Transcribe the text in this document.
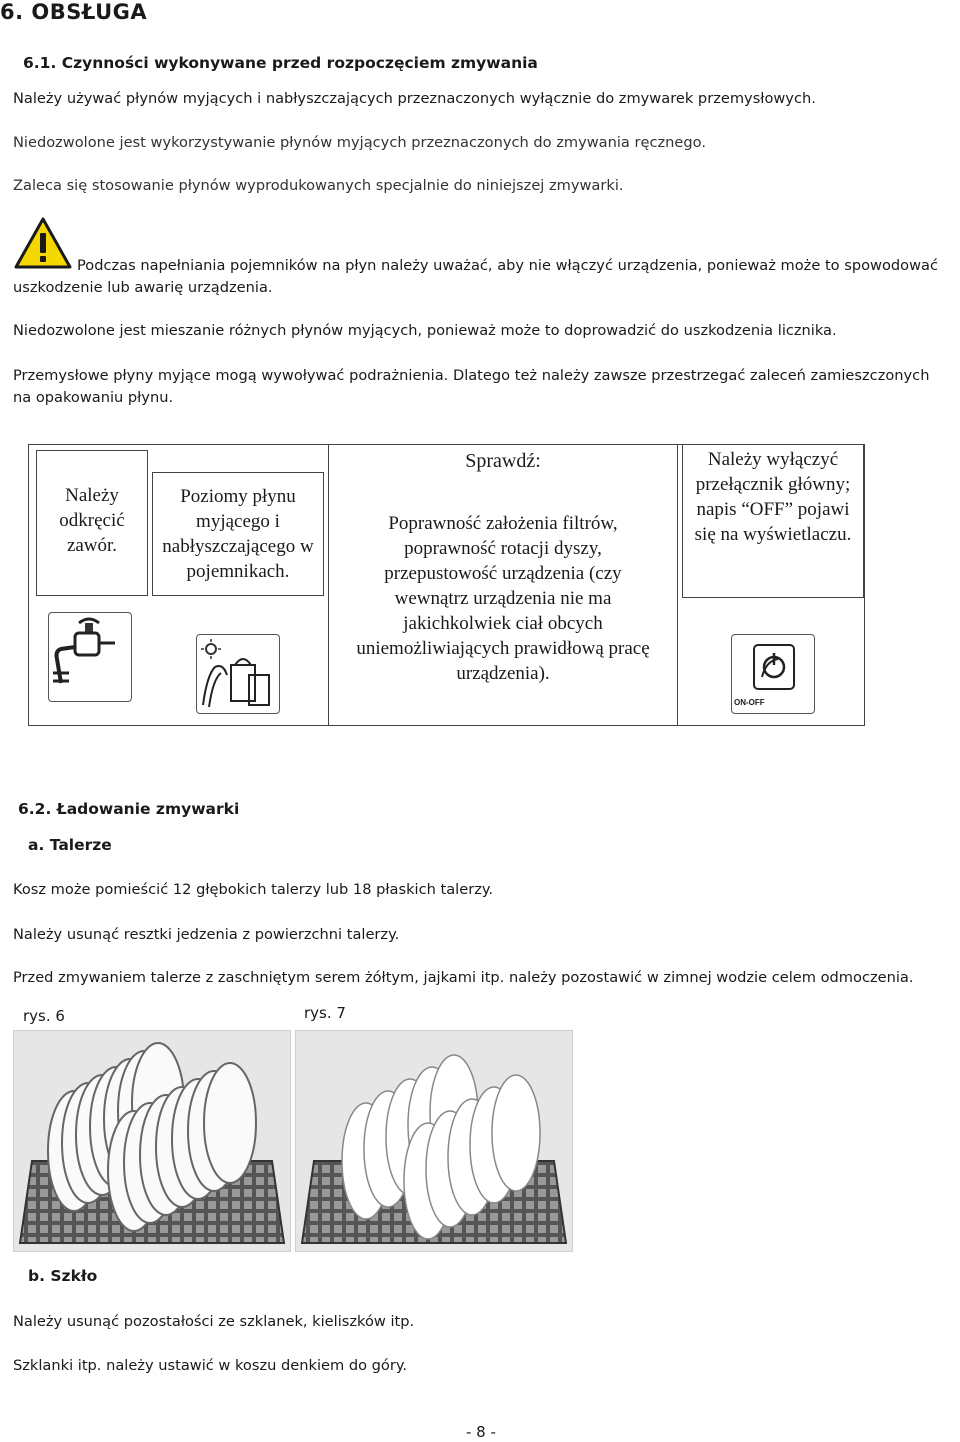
6. OBSŁUGA
6.1. Czynności wykonywane przed rozpoczęciem zmywania
Należy używać płynów myjących i nabłyszczających przeznaczonych wyłącznie do zmywarek przemysłowych.
Niedozwolone jest wykorzystywanie płynów myjących przeznaczonych do zmywania ręcznego.
Zaleca się stosowanie płynów wyprodukowanych specjalnie do niniejszej zmywarki.
Podczas napełniania pojemników na płyn należy uważać, aby nie włączyć urządzenia, ponieważ może to spowodować
uszkodzenie lub awarię urządzenia.
Niedozwolone jest mieszanie różnych płynów myjących, ponieważ może to doprowadzić do uszkodzenia licznika.
Przemysłowe płyny myjące mogą wywoływać podrażnienia. Dlatego też należy zawsze przestrzegać zaleceń zamieszczonych
na opakowaniu płynu.
Należy odkręcić zawór.
Poziomy płynu myjącego i nabłyszczającego w pojemnikach.
Sprawdź:
Poprawność założenia filtrów, poprawność rotacji dyszy, przepustowość urządzenia (czy wewnątrz urządzenia nie ma jakichkolwiek ciał obcych uniemożliwiających prawidłową pracę urządzenia).
Należy wyłączyć przełącznik główny; napis “OFF” pojawi się na wyświetlaczu.
ON-OFF
6.2. Ładowanie zmywarki
a. Talerze
Kosz może pomieścić 12 głębokich talerzy lub 18 płaskich talerzy.
Należy usunąć resztki jedzenia z powierzchni talerzy.
Przed zmywaniem talerze z zaschniętym serem żółtym, jajkami itp. należy pozostawić w zimnej wodzie celem odmoczenia.
rys. 6	rys. 7
b. Szkło
Należy usunąć pozostałości ze szklanek, kieliszków itp.
Szklanki itp. należy ustawić w koszu denkiem do góry.
- 8 -
